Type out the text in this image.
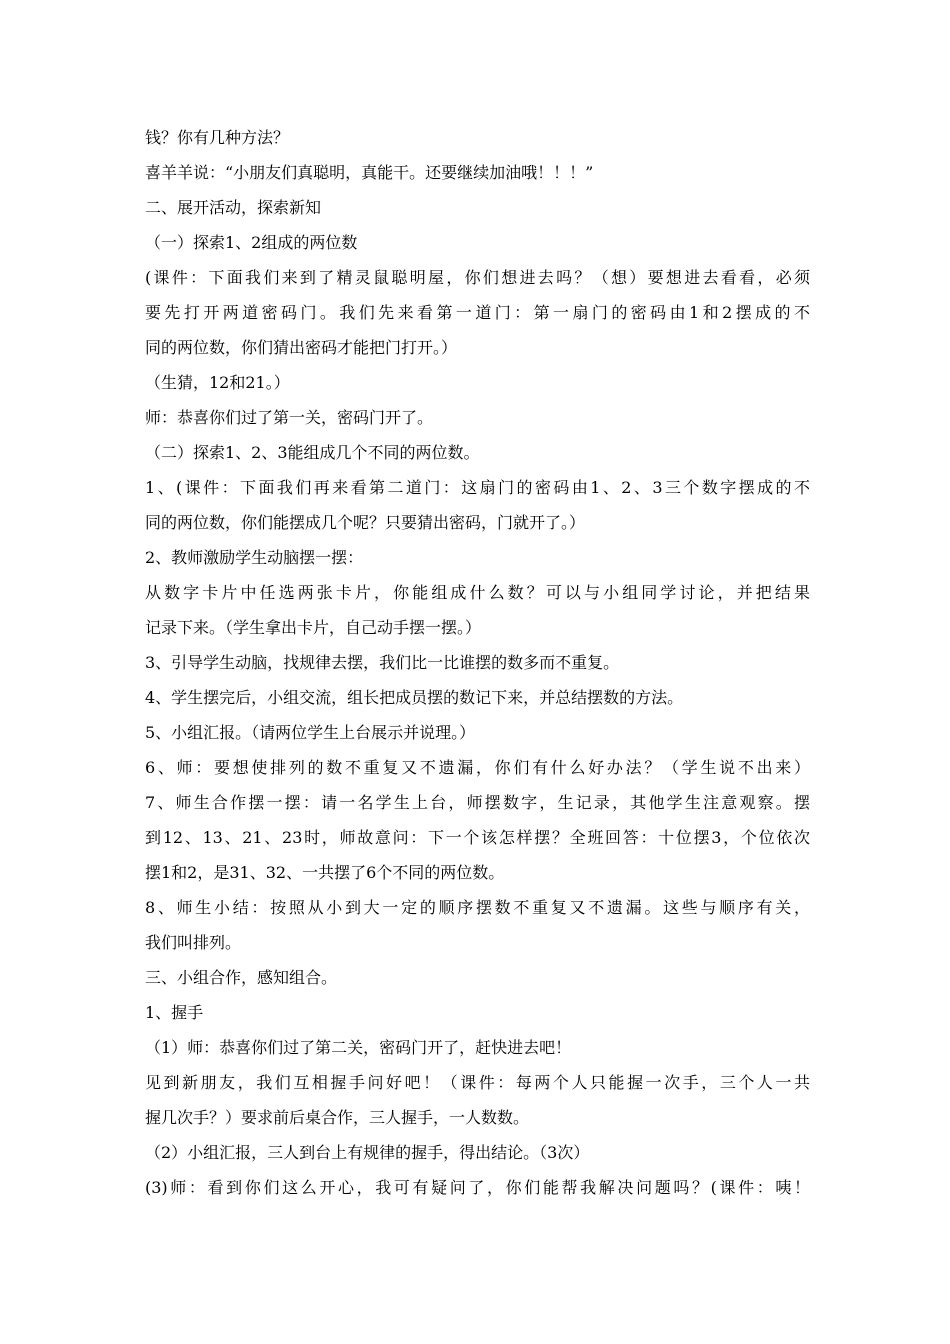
钱？你有几种方法？

喜羊羊说：“小朋友们真聪明，真能干。还要继续加油哦！！！”

二、展开活动，探索新知

（一）探索1、2组成的两位数

(课件：下面我们来到了精灵鼠聪明屋，你们想进去吗？（想）要想进去看看，必须

要先打开两道密码门。我们先来看第一道门：第一扇门的密码由1和2摆成的不

同的两位数，你们猜出密码才能把门打开。）

（生猜，12和21。）

师：恭喜你们过了第一关，密码门开了。

（二）探索1、2、3能组成几个不同的两位数。

1、(课件：下面我们再来看第二道门：这扇门的密码由1、2、3三个数字摆成的不

同的两位数，你们能摆成几个呢？只要猜出密码，门就开了。）

2、教师激励学生动脑摆一摆：

从数字卡片中任选两张卡片，你能组成什么数？可以与小组同学讨论，并把结果

记录下来。（学生拿出卡片，自己动手摆一摆。）

3、引导学生动脑，找规律去摆，我们比一比谁摆的数多而不重复。

4、学生摆完后，小组交流，组长把成员摆的数记下来，并总结摆数的方法。

5、小组汇报。（请两位学生上台展示并说理。）

6、师：要想使排列的数不重复又不遗漏，你们有什么好办法？（学生说不出来）

7、师生合作摆一摆：请一名学生上台，师摆数字，生记录，其他学生注意观察。摆

到12、13、21、23时，师故意问：下一个该怎样摆？全班回答：十位摆3，个位依次

摆1和2，是31、32、一共摆了6个不同的两位数。

8、师生小结：按照从小到大一定的顺序摆数不重复又不遗漏。这些与顺序有关，

我们叫排列。

三、小组合作，感知组合。

1、握手

（1）师：恭喜你们过了第二关，密码门开了，赶快进去吧！

见到新朋友，我们互相握手问好吧！（课件：每两个人只能握一次手，三个人一共

握几次手？）要求前后桌合作，三人握手，一人数数。

（2）小组汇报，三人到台上有规律的握手，得出结论。（3次）

(3)师：看到你们这么开心，我可有疑问了，你们能帮我解决问题吗？(课件：咦！
